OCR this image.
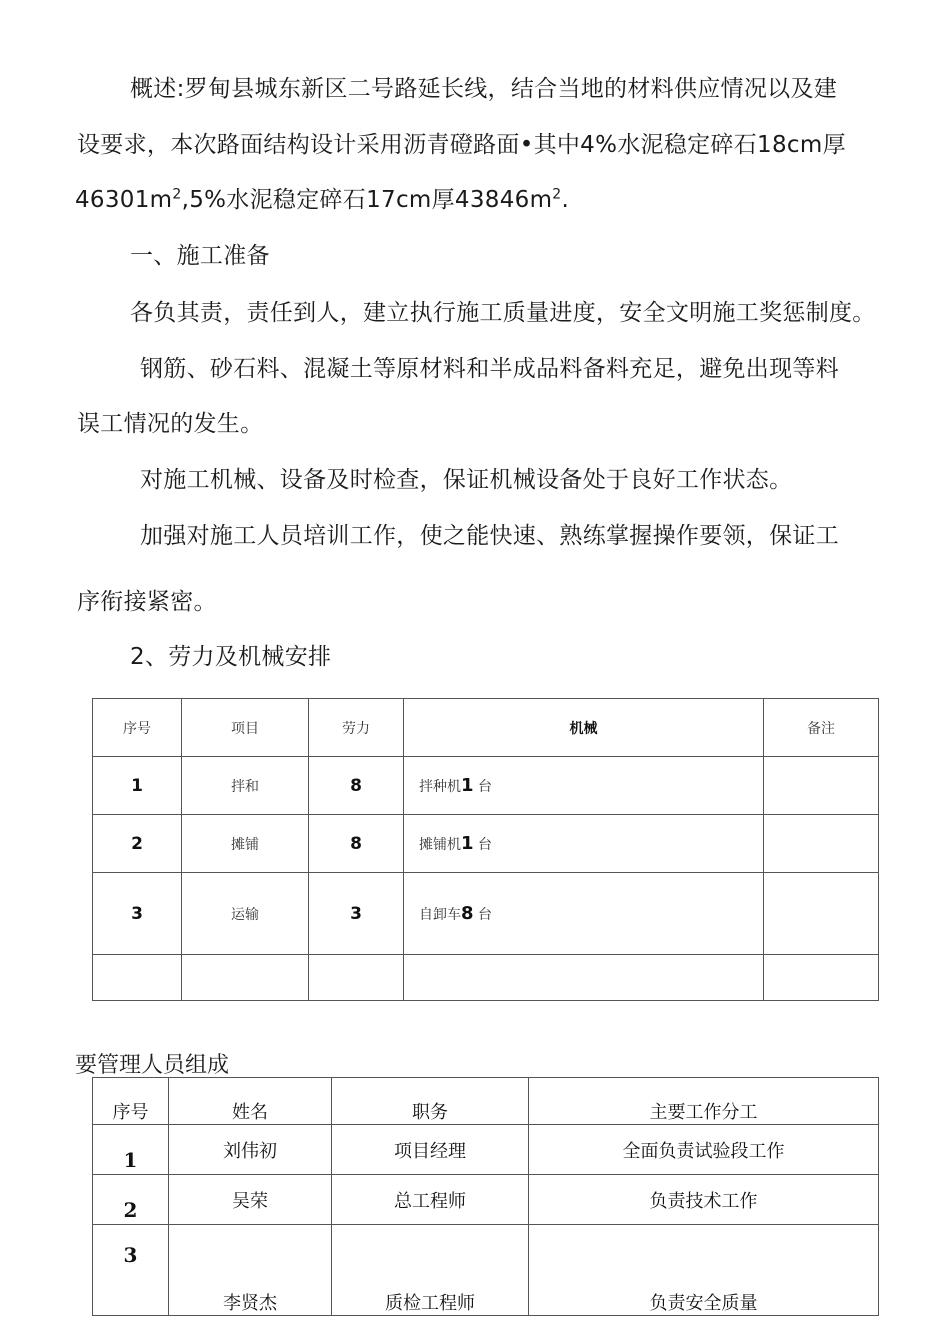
概述:罗甸县城东新区二号路延长线，结合当地的材料供应情况以及建
设要求，本次路面结构设计采用沥青磴路面•其中4%水泥稳定碎石18cm厚
$46301m^2,5\%$水泥稳定碎石17cm厚$43846m^2$.
一、施工准备
各负其责，责任到人，建立执行施工质量进度，安全文明施工奖惩制度。
钢筋、砂石料、混凝土等原材料和半成品料备料充足，避免出现等料
误工情况的发生。
对施工机械、设备及时检查，保证机械设备处于良好工作状态。
加强对施工人员培训工作，使之能快速、熟练掌握操作要领，保证工
序衔接紧密。
2、劳力及机械安排
序号	项目	劳力	机械	备注
1	拌和	8	拌种机1 台	
2	摊铺	8	摊铺机1 台	
3	运输	3	自卸车8 台	

要管理人员组成
序号	姓名	职务	主要工作分工
1	刘伟初	项目经理	全面负责试验段工作
2	吴荣	总工程师	负责技术工作
3	李贤杰	质检工程师	负责安全质量
